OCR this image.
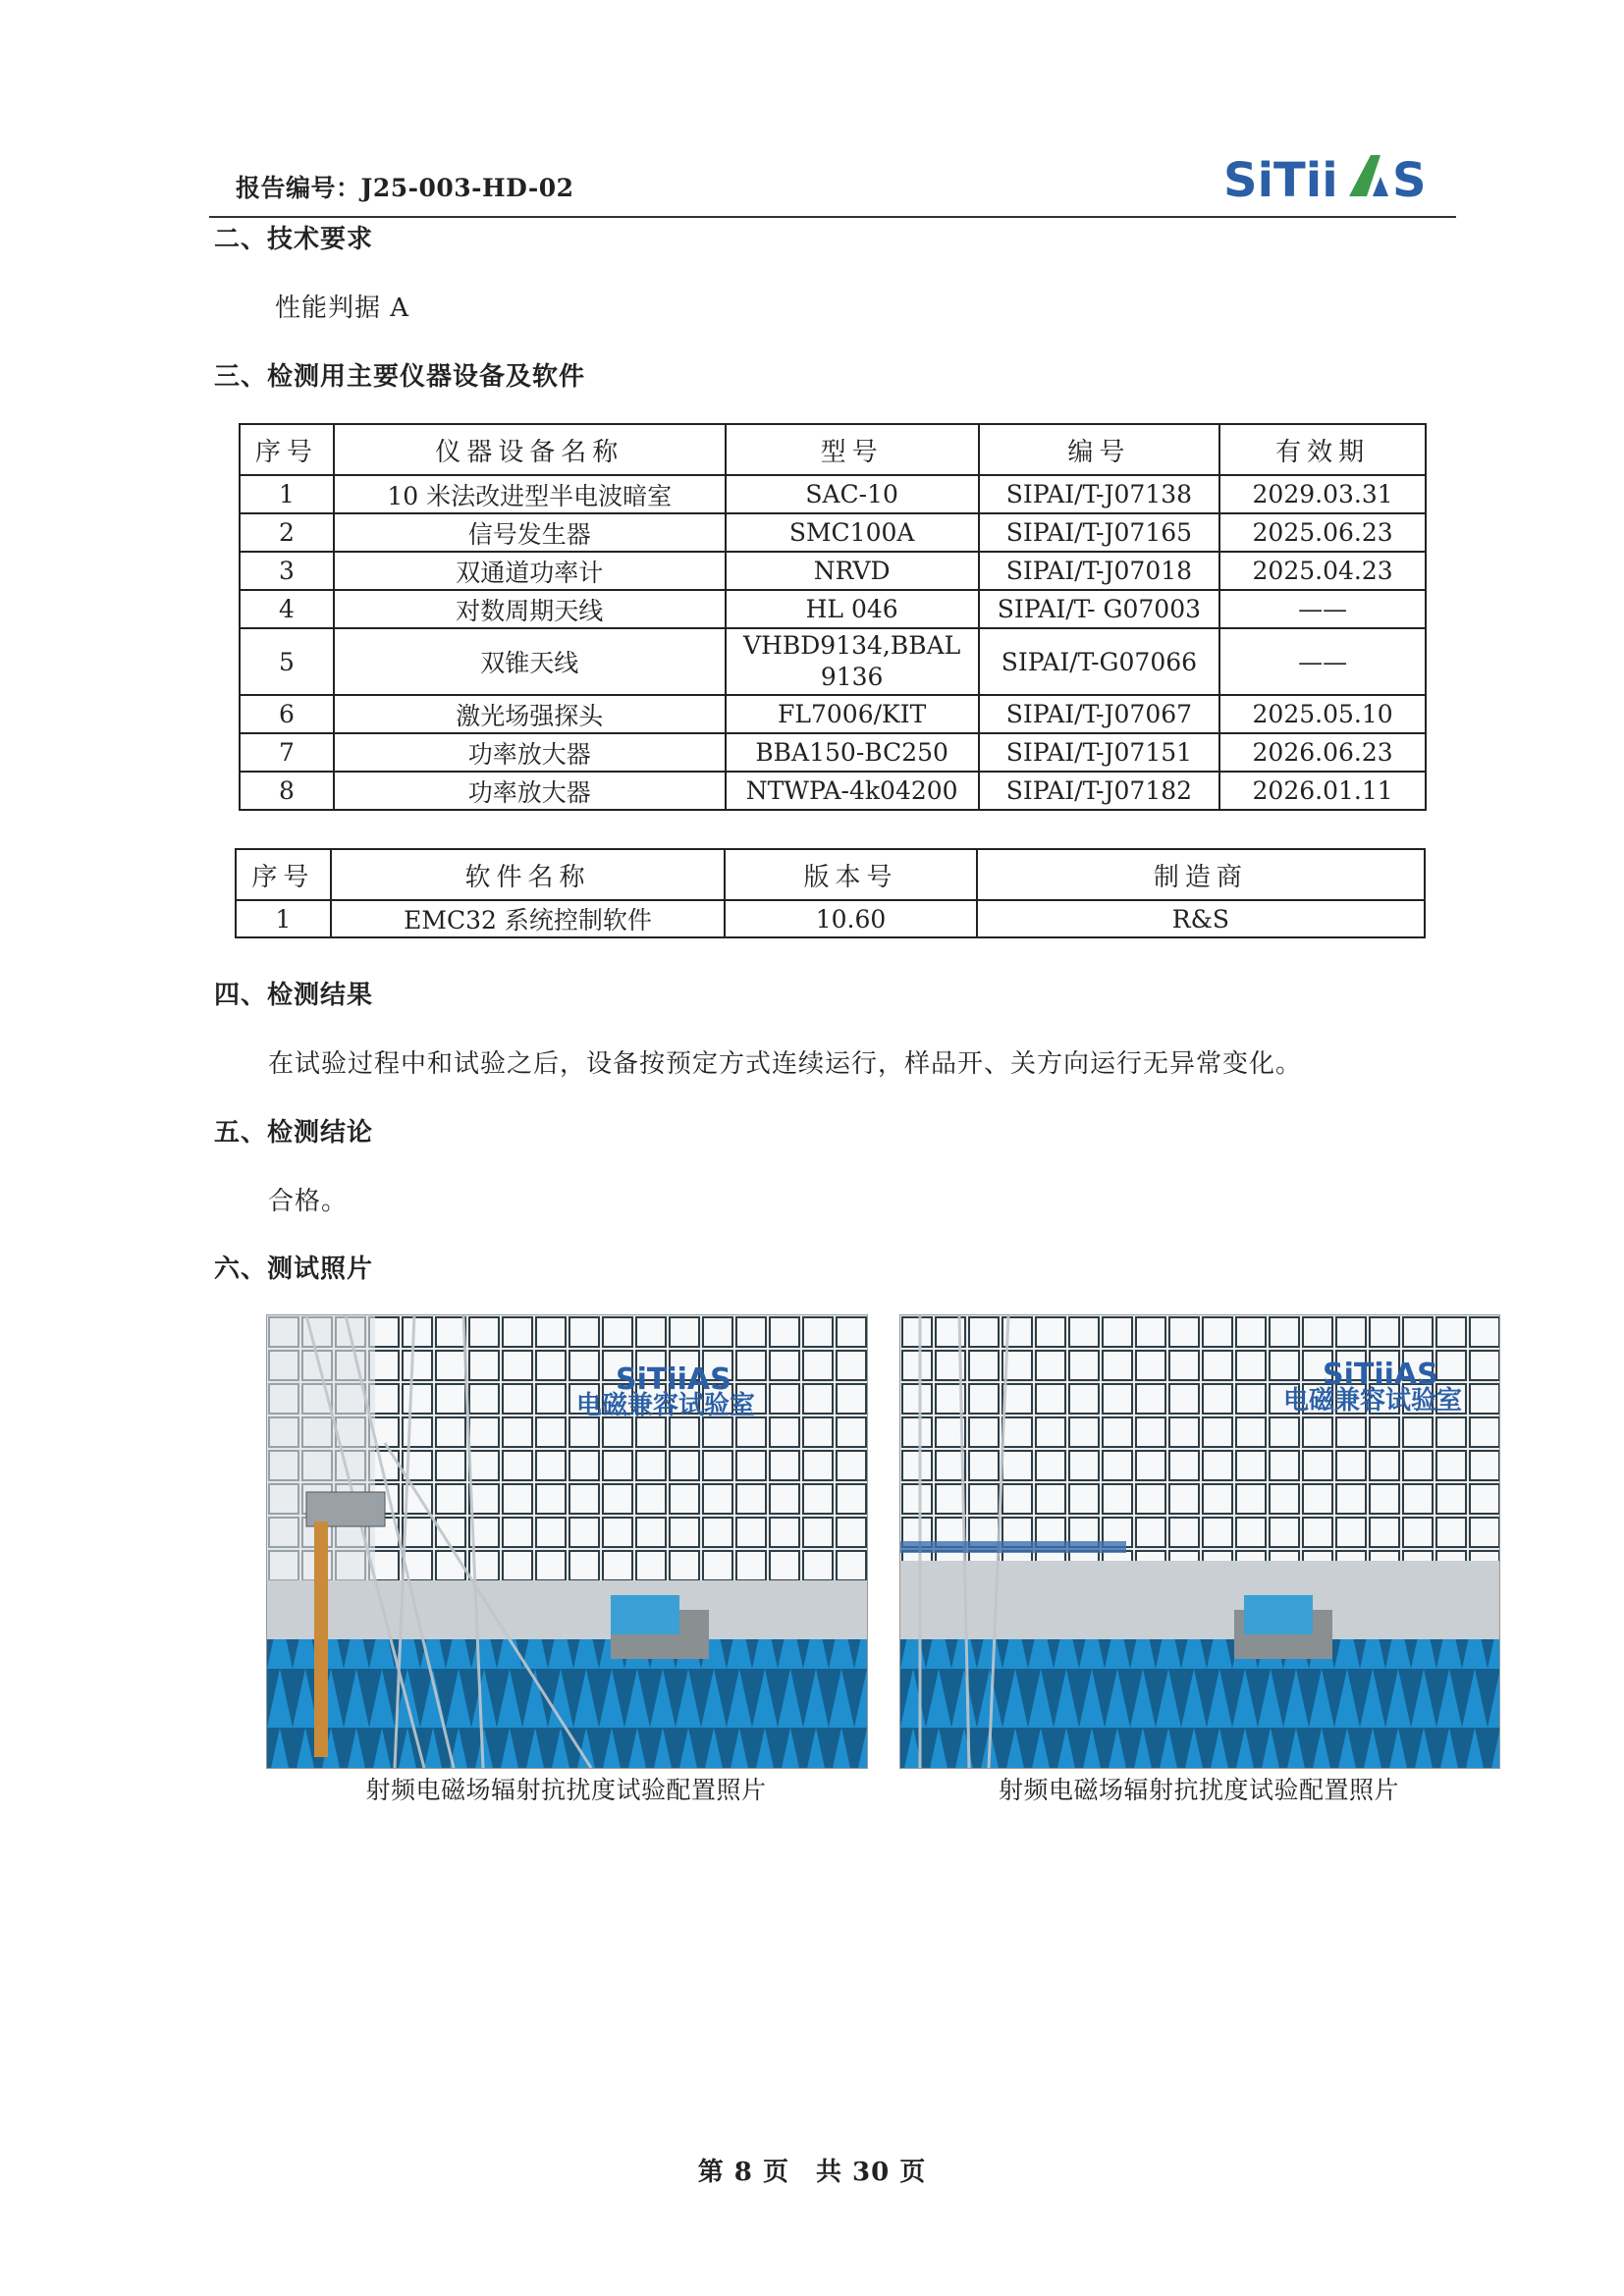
报告编号：J25-003-HD-02	SiTii S
二、技术要求
性能判据 A
三、检测用主要仪器设备及软件
序号	仪器设备名称	型号	编号	有效期
1	10 米法改进型半电波暗室	SAC-10	SIPAI/T-J07138	2029.03.31
2	信号发生器	SMC100A	SIPAI/T-J07165	2025.06.23
3	双通道功率计	NRVD	SIPAI/T-J07018	2025.04.23
4	对数周期天线	HL 046	SIPAI/T- G07003	——
5	双锥天线	VHBD9134,BBAL 9136	SIPAI/T-G07066	——
6	激光场强探头	FL7006/KIT	SIPAI/T-J07067	2025.05.10
7	功率放大器	BBA150-BC250	SIPAI/T-J07151	2026.06.23
8	功率放大器	NTWPA-4k04200	SIPAI/T-J07182	2026.01.11
序号	软件名称	版本号	制造商
1	EMC32 系统控制软件	10.60	R&S
四、检测结果
在试验过程中和试验之后，设备按预定方式连续运行，样品开、关方向运行无异常变化。
五、检测结论
合格。
六、测试照片
SiTiiAS
电磁兼容试验室
射频电磁场辐射抗扰度试验配置照片
SiTiiAS
电磁兼容试验室
射频电磁场辐射抗扰度试验配置照片
第 8 页　共 30 页
